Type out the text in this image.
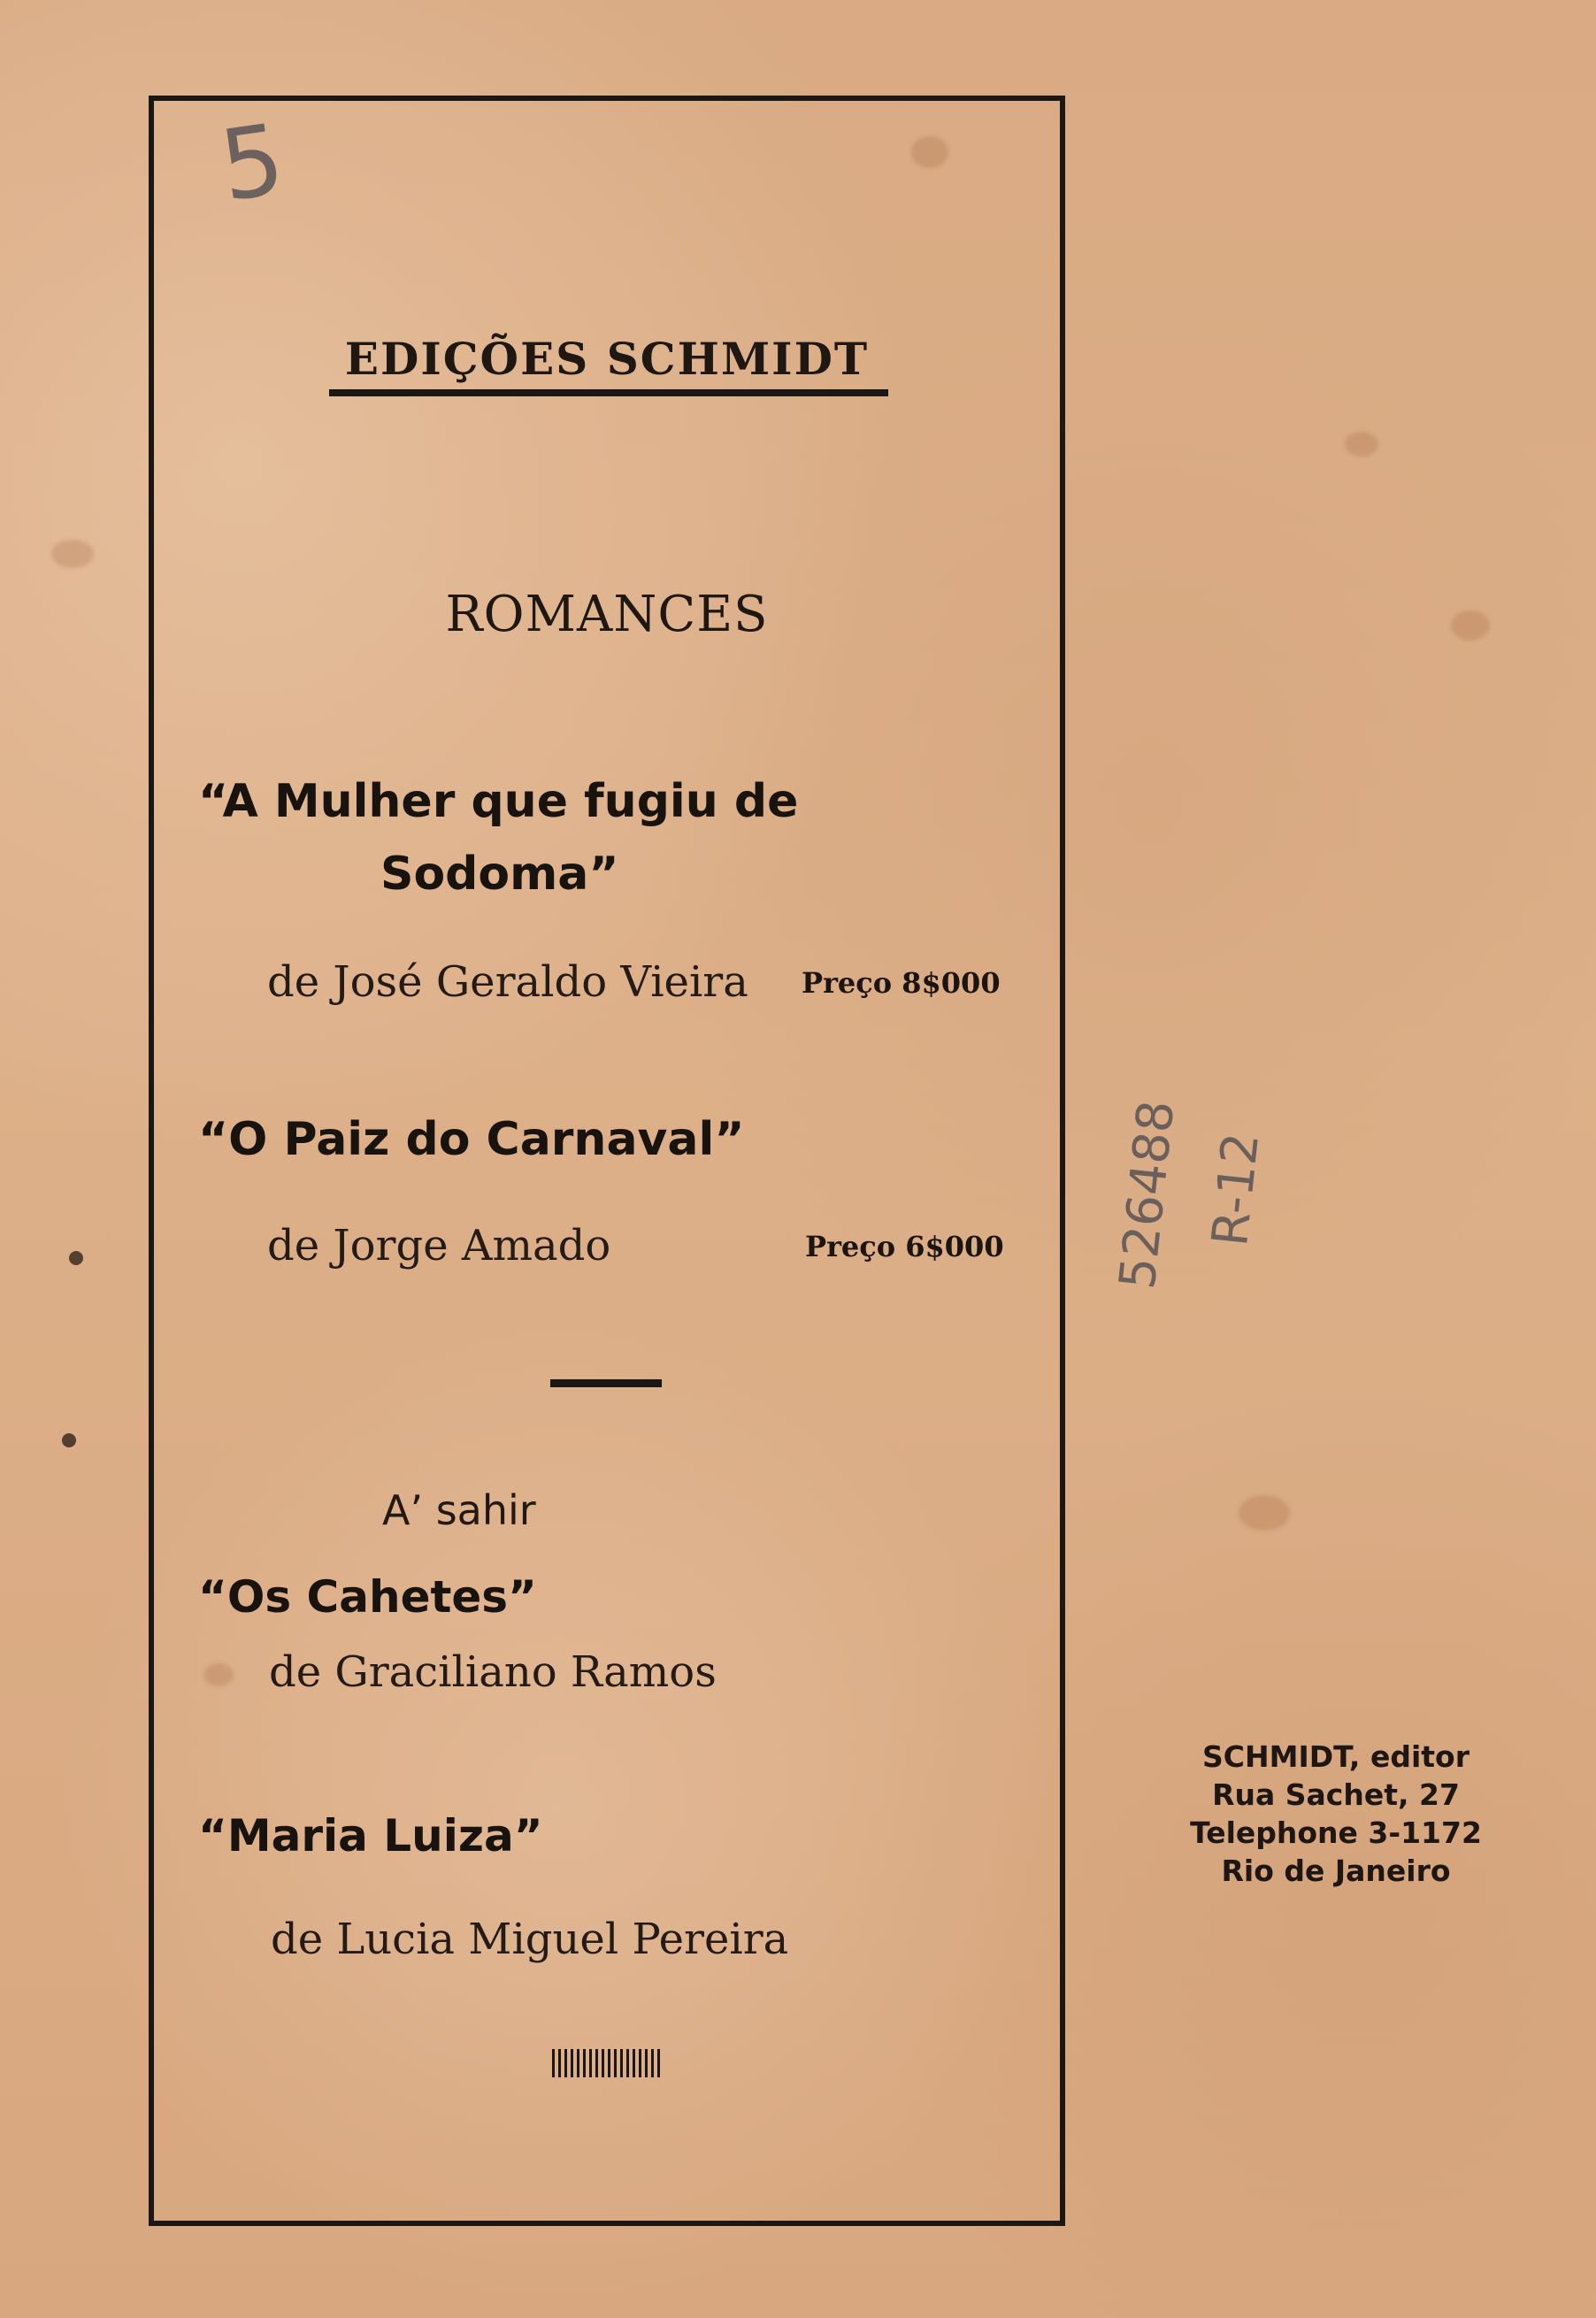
5
526488 R-12
EDIÇÕES SCHMIDT
ROMANCES
“A Mulher que fugiu de
Sodoma”
de José Geraldo Vieira Preço 8$000
“O Paiz do Carnaval”
de Jorge Amado	Preço 6$000
A’ sahir
“Os Cahetes”
de Graciliano Ramos
“Maria Luiza”
de Lucia Miguel Pereira
SCHMIDT, editor
Rua Sachet, 27
Telephone 3-1172
Rio de Janeiro
